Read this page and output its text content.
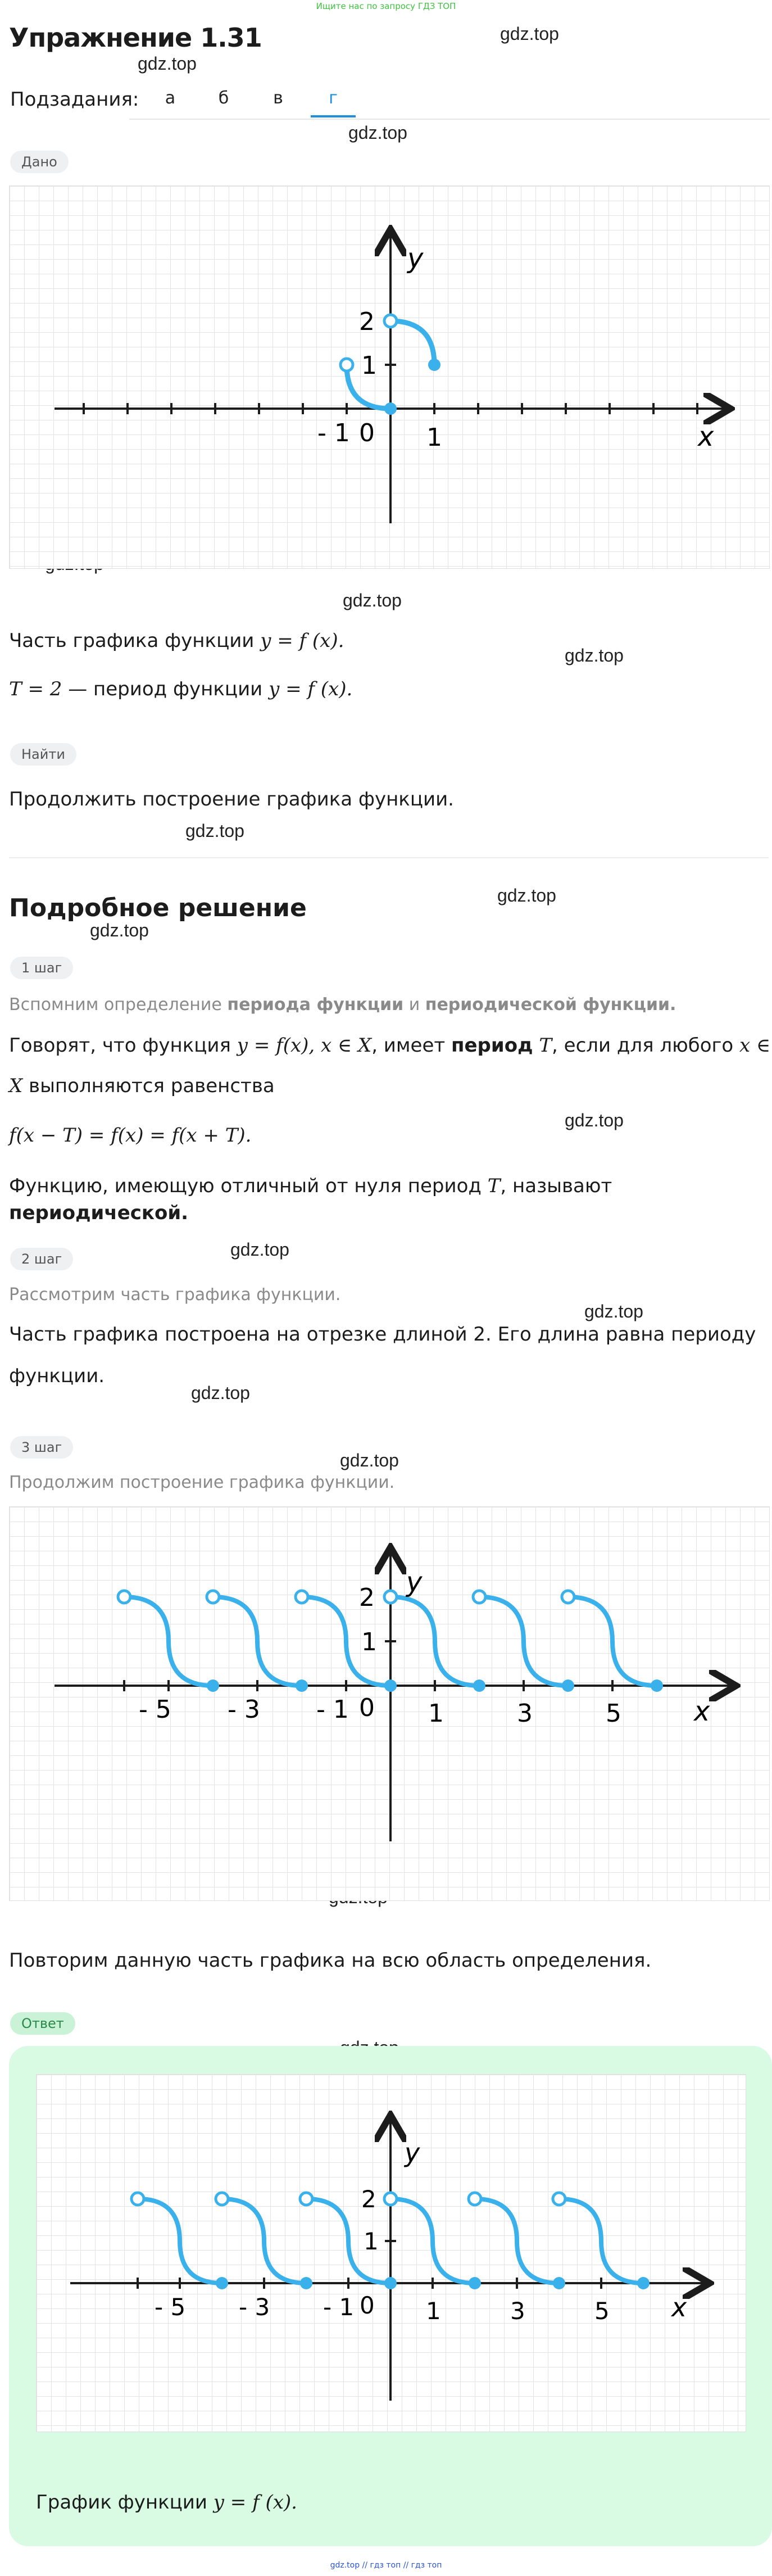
Ищите нас по запросу ГДЗ ТОП
Упражнение 1.31	gdz.top
gdz.top
gdz.top
gdz.top
gdz.top
gdz.top
gdz.top
gdz.top
gdz.top
gdz.top
gdz.top
gdz.top
gdz.top
Подзадания:	а	б	в	г
Дано
x
y
- 1 0 1
2
1
Часть графика функции y = f (x).
T = 2 — период функции y = f (x).
Найти
Продолжить построение графика функции.
Подробное решение
1 шаг
Вспомним определение периода функции и периодической функции.
Говорят, что функция y = f(x), x ∈ X, имеет период T, если для любого x ∈
X выполняются равенства
f(x − T) = f(x) = f(x + T).
Функцию, имеющую отличный от нуля период T, называют периодической.
2 шаг
Рассмотрим часть графика функции.
Часть графика построена на отрезке длиной 2. Его длина равна периоду
функции.
3 шаг
Продолжим построение графика функции.
x
y
- 5 - 3 - 1 0 1	3	5
2
1
Повторим данную часть графика на всю область определения.
Ответ
x
y
- 5 - 3 - 1 0 1	3	5
2
1
График функции y = f (x).
gdz.top // гдз топ // гдз топ
